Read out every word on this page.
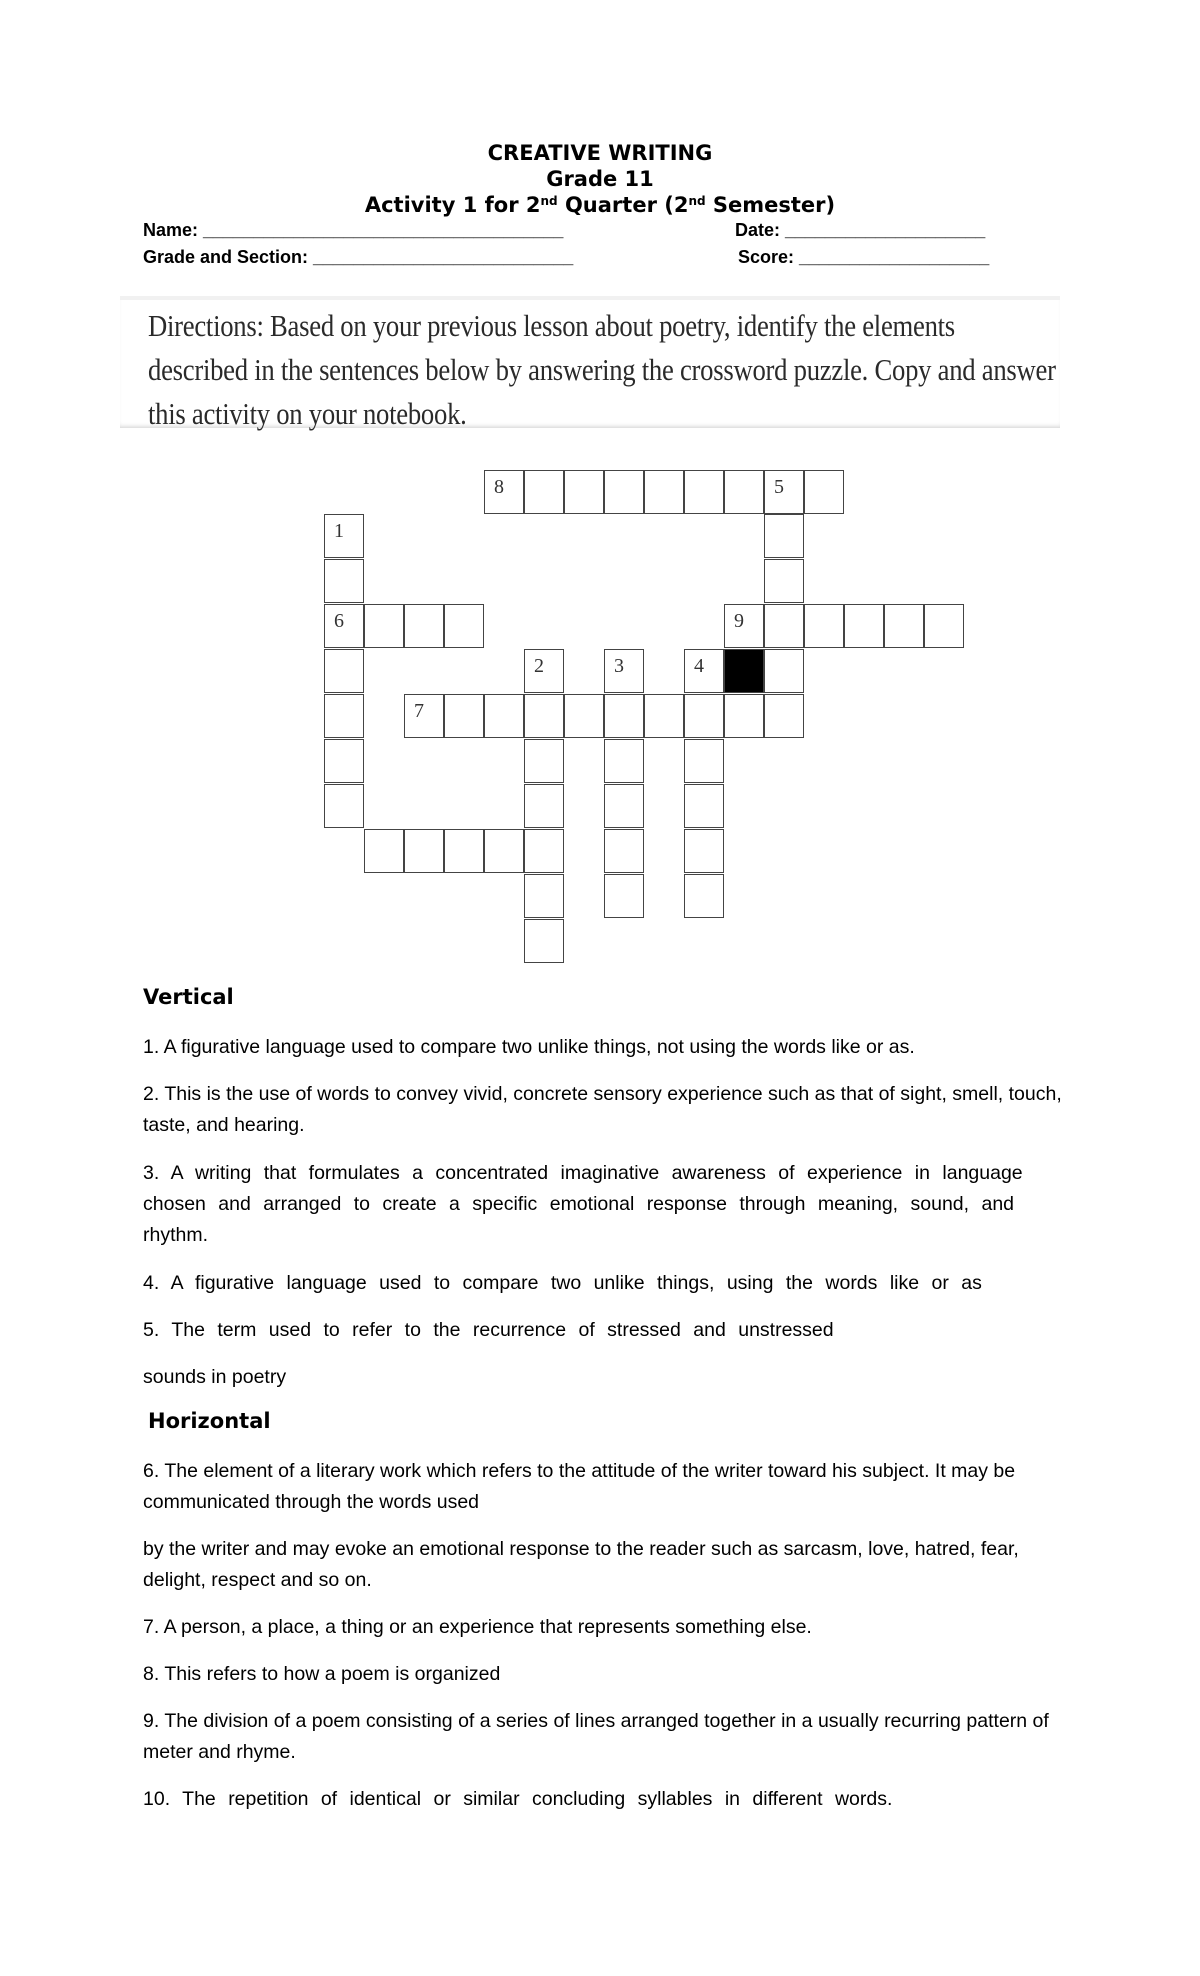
CREATIVE WRITING
Grade 11
Activity 1 for 2nd Quarter (2nd Semester)
Name: ____________________________________	Date: ____________________
Grade and Section: __________________________	Score: ___________________

Directions: Based on your previous lesson about poetry, identify the elements described in the sentences below by answering the crossword puzzle. Copy and answer this activity on your notebook.

8	5
1
6	9
2	3	4
7
Vertical
1. A figurative language used to compare two unlike things, not using the words like or as.
2. This is the use of words to convey vivid, concrete sensory experience such as that of sight, smell, touch, taste, and hearing.
3. A writing that formulates a concentrated imaginative awareness of experience in language chosen and arranged to create a specific emotional response through meaning, sound, and rhythm.
4. A figurative language used to compare two unlike things, using the words like or as
5. The term used to refer to the recurrence of stressed and unstressed
sounds in poetry
Horizontal
6. The element of a literary work which refers to the attitude of the writer toward his subject. It may be communicated through the words used
by the writer and may evoke an emotional response to the reader such as sarcasm, love, hatred, fear, delight, respect and so on.
7. A person, a place, a thing or an experience that represents something else.
8. This refers to how a poem is organized
9. The division of a poem consisting of a series of lines arranged together in a usually recurring pattern of meter and rhyme.
10. The repetition of identical or similar concluding syllables in different words.
